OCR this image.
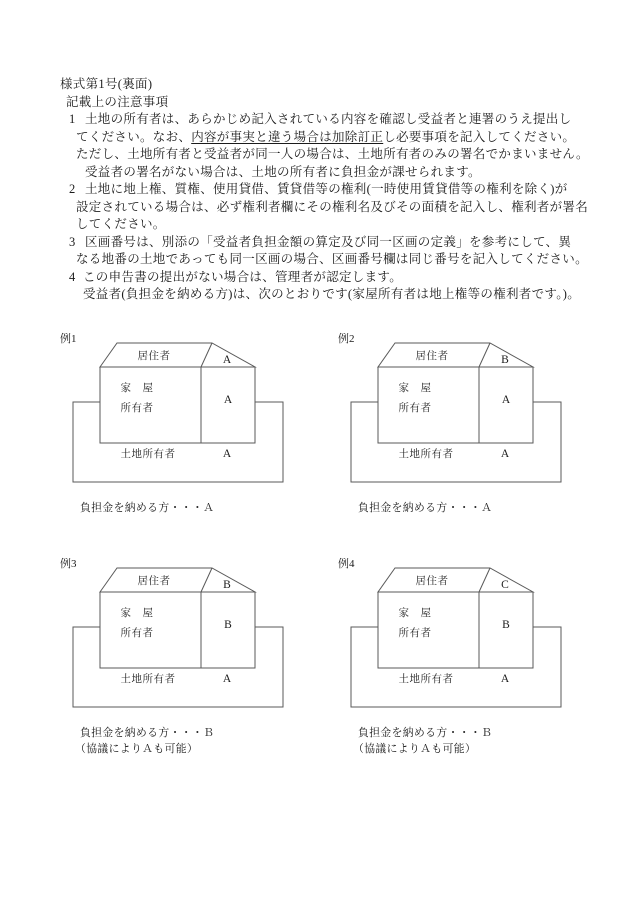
様式第1号(裏面)
記載上の注意事項
1 土地の所有者は、あらかじめ記入されている内容を確認し受益者と連署のうえ提出し
てください。なお、内容が事実と違う場合は加除訂正し必要事項を記入してください。
ただし、土地所有者と受益者が同一人の場合は、土地所有者のみの署名でかまいません。
受益者の署名がない場合は、土地の所有者に負担金が課せられます。
2 土地に地上権、質権、使用貸借、賃貸借等の権利(一時使用賃貸借等の権利を除く)が
設定されている場合は、必ず権利者欄にその権利名及びその面積を記入し、権利者が署名
してください。
3 区画番号は、別添の「受益者負担金額の算定及び同一区画の定義」を参考にして、異
なる地番の土地であっても同一区画の場合、区画番号欄は同じ番号を記入してください。
4 この申告書の提出がない場合は、管理者が認定します。
受益者(負担金を納める方)は、次のとおりです(家屋所有者は地上権等の権利者です。)。
例1
居住者	A
家　屋
所有者
A
土地所有者	A
負担金を納める方・・・Ａ
例2
居住者	B
家　屋
所有者
A
土地所有者	A
負担金を納める方・・・Ａ
例3
居住者	B
家　屋
所有者
B
土地所有者	A
負担金を納める方・・・Ｂ
（協議によりＡも可能）
例4
居住者	C
家　屋
所有者
B
土地所有者	A
負担金を納める方・・・Ｂ
（協議によりＡも可能）
